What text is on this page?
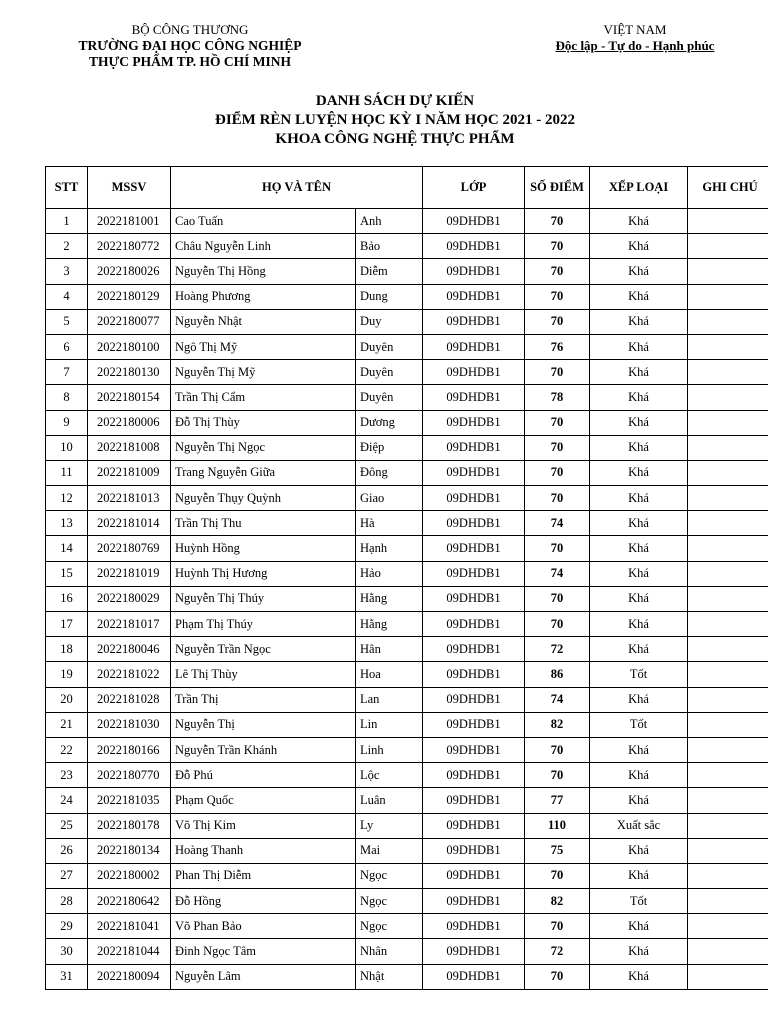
BỘ CÔNG THƯƠNG
TRƯỜNG ĐẠI HỌC CÔNG NGHIỆP
THỰC PHẨM TP. HỒ CHÍ MINH
VIỆT NAM
Độc lập - Tự do - Hạnh phúc
DANH SÁCH DỰ KIẾN
ĐIỂM RÈN LUYỆN HỌC KỲ I NĂM HỌC 2021 - 2022
KHOA CÔNG NGHỆ THỰC PHẨM
STT	MSSV	HỌ VÀ TÊN		LỚP	SỐ ĐIỂM	XẾP LOẠI	GHI CHÚ
1	2022181001	Cao Tuấn	Anh	09DHDB1	70	Khá	
2	2022180772	Châu Nguyễn Linh	Bảo	09DHDB1	70	Khá	
3	2022180026	Nguyễn Thị Hồng	Diễm	09DHDB1	70	Khá	
4	2022180129	Hoàng Phương	Dung	09DHDB1	70	Khá	
5	2022180077	Nguyễn Nhật	Duy	09DHDB1	70	Khá	
6	2022180100	Ngô Thị Mỹ	Duyên	09DHDB1	76	Khá	
7	2022180130	Nguyễn Thị Mỹ	Duyên	09DHDB1	70	Khá	
8	2022180154	Trần Thị Cẩm	Duyên	09DHDB1	78	Khá	
9	2022180006	Đỗ Thị Thùy	Dương	09DHDB1	70	Khá	
10	2022181008	Nguyễn Thị Ngọc	Điệp	09DHDB1	70	Khá	
11	2022181009	Trang Nguyễn Giữa	Đông	09DHDB1	70	Khá	
12	2022181013	Nguyễn Thụy Quỳnh	Giao	09DHDB1	70	Khá	
13	2022181014	Trần Thị Thu	Hà	09DHDB1	74	Khá	
14	2022180769	Huỳnh Hồng	Hạnh	09DHDB1	70	Khá	
15	2022181019	Huỳnh Thị Hương	Hảo	09DHDB1	74	Khá	
16	2022180029	Nguyễn Thị Thúy	Hằng	09DHDB1	70	Khá	
17	2022181017	Phạm Thị Thúy	Hằng	09DHDB1	70	Khá	
18	2022180046	Nguyễn Trần Ngọc	Hân	09DHDB1	72	Khá	
19	2022181022	Lê Thị Thùy	Hoa	09DHDB1	86	Tốt	
20	2022181028	Trần Thị	Lan	09DHDB1	74	Khá	
21	2022181030	Nguyễn Thị	Lin	09DHDB1	82	Tốt	
22	2022180166	Nguyễn Trần Khánh	Linh	09DHDB1	70	Khá	
23	2022180770	Đỗ Phú	Lộc	09DHDB1	70	Khá	
24	2022181035	Phạm Quốc	Luân	09DHDB1	77	Khá	
25	2022180178	Võ Thị Kim	Ly	09DHDB1	110	Xuất sắc	
26	2022180134	Hoàng Thanh	Mai	09DHDB1	75	Khá	
27	2022180002	Phan Thị Diễm	Ngọc	09DHDB1	70	Khá	
28	2022180642	Đỗ Hồng	Ngọc	09DHDB1	82	Tốt	
29	2022181041	Võ Phan Bảo	Ngọc	09DHDB1	70	Khá	
30	2022181044	Đinh Ngọc Tâm	Nhân	09DHDB1	72	Khá	
31	2022180094	Nguyễn Lâm	Nhật	09DHDB1	70	Khá	
